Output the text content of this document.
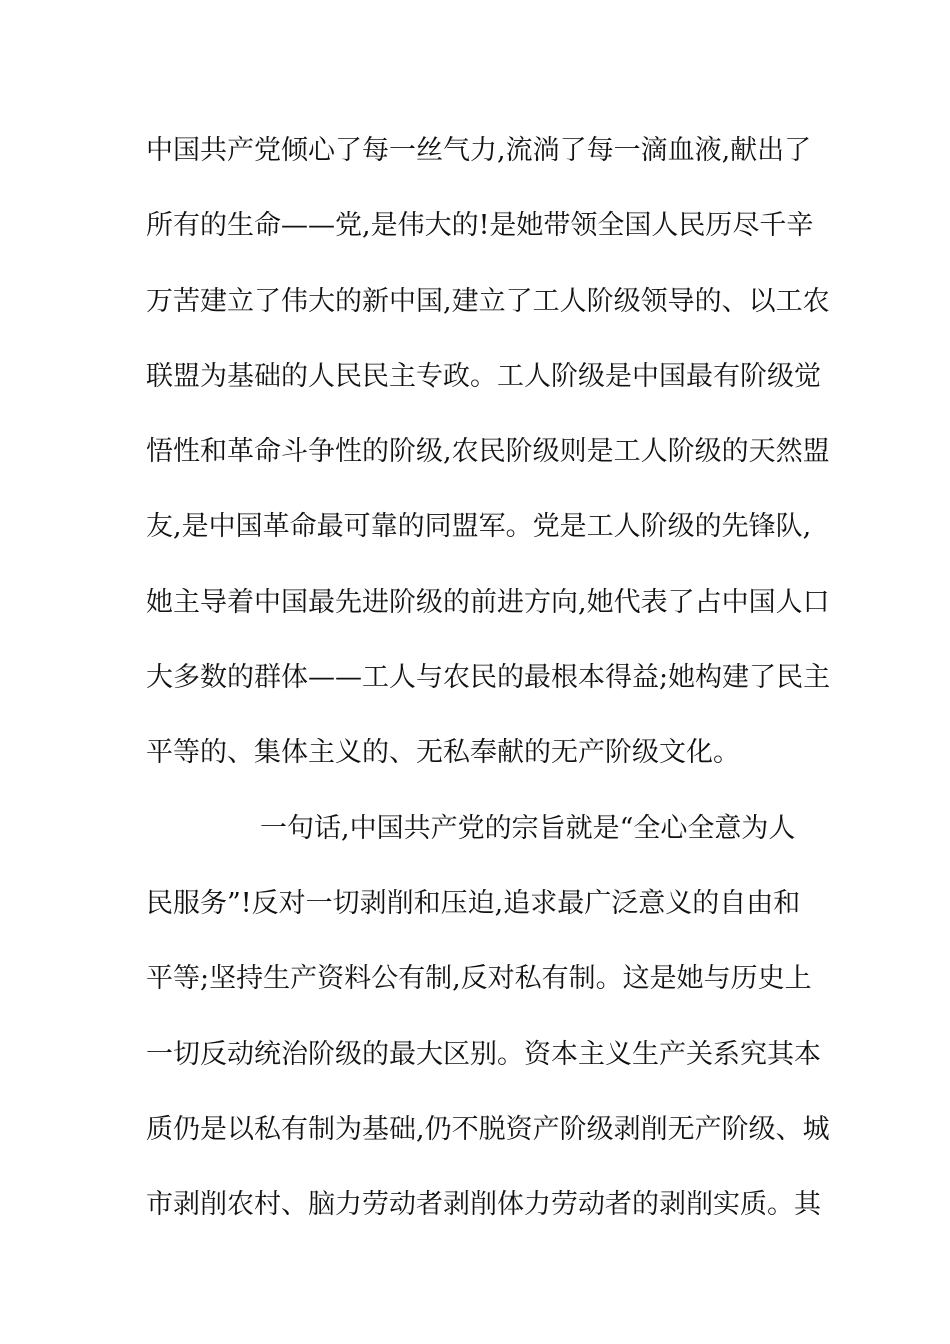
中国共产党倾心了每一丝气力,流淌了每一滴血液,献出了
所有的生命——党,是伟大的!是她带领全国人民历尽千辛
万苦建立了伟大的新中国,建立了工人阶级领导的、以工农
联盟为基础的人民民主专政。工人阶级是中国最有阶级觉
悟性和革命斗争性的阶级,农民阶级则是工人阶级的天然盟
友,是中国革命最可靠的同盟军。党是工人阶级的先锋队,
她主导着中国最先进阶级的前进方向,她代表了占中国人口
大多数的群体——工人与农民的最根本得益;她构建了民主
平等的、集体主义的、无私奉献的无产阶级文化。
一句话,中国共产党的宗旨就是“全心全意为人
民服务”!反对一切剥削和压迫,追求最广泛意义的自由和
平等;坚持生产资料公有制,反对私有制。这是她与历史上
一切反动统治阶级的最大区别。资本主义生产关系究其本
质仍是以私有制为基础,仍不脱资产阶级剥削无产阶级、城
市剥削农村、脑力劳动者剥削体力劳动者的剥削实质。其
